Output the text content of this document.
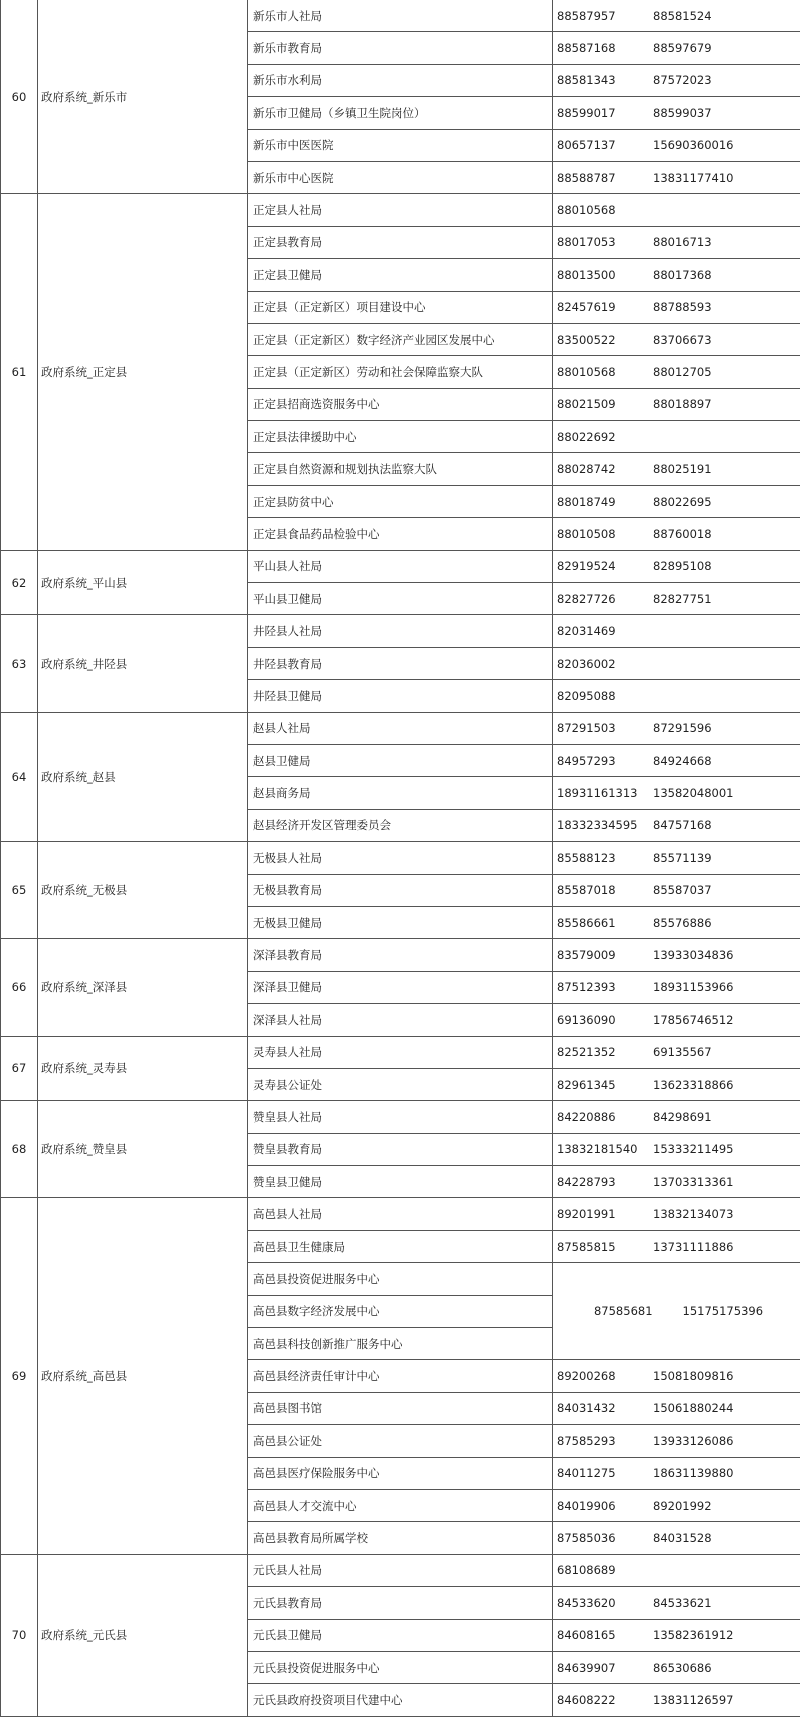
60	政府系统_新乐市	新乐市人社局	88587957 88581524
		新乐市教育局	88587168 88597679
		新乐市水利局	88581343 87572023
		新乐市卫健局（乡镇卫生院岗位）	88599017 88599037
		新乐市中医医院	80657137 15690360016
		新乐市中心医院	88588787 13831177410
61	政府系统_正定县	正定县人社局	88010568
		正定县教育局	88017053 88016713
		正定县卫健局	88013500 88017368
		正定县（正定新区）项目建设中心	82457619 88788593
		正定县（正定新区）数字经济产业园区发展中心	83500522 83706673
		正定县（正定新区）劳动和社会保障监察大队	88010568 88012705
		正定县招商选资服务中心	88021509 88018897
		正定县法律援助中心	88022692
		正定县自然资源和规划执法监察大队	88028742 88025191
		正定县防贫中心	88018749 88022695
		正定县食品药品检验中心	88010508 88760018
62	政府系统_平山县	平山县人社局	82919524 82895108
		平山县卫健局	82827726 82827751
63	政府系统_井陉县	井陉县人社局	82031469
		井陉县教育局	82036002
		井陉县卫健局	82095088
64	政府系统_赵县	赵县人社局	87291503 87291596
		赵县卫健局	84957293 84924668
		赵县商务局	18931161313 13582048001
		赵县经济开发区管理委员会	18332334595 84757168
65	政府系统_无极县	无极县人社局	85588123 85571139
		无极县教育局	85587018 85587037
		无极县卫健局	85586661 85576886
66	政府系统_深泽县	深泽县教育局	83579009 13933034836
		深泽县卫健局	87512393 18931153966
		深泽县人社局	69136090 17856746512
67	政府系统_灵寿县	灵寿县人社局	82521352 69135567
		灵寿县公证处	82961345 13623318866
68	政府系统_赞皇县	赞皇县人社局	84220886 84298691
		赞皇县教育局	13832181540 15333211495
		赞皇县卫健局	84228793 13703313361
69	政府系统_高邑县	高邑县人社局	89201991 13832134073
		高邑县卫生健康局	87585815 13731111886
		高邑县投资促进服务中心	87585681 15175175396
		高邑县数字经济发展中心	
		高邑县科技创新推广服务中心	
		高邑县经济责任审计中心	89200268 15081809816
		高邑县图书馆	84031432 15061880244
		高邑县公证处	87585293 13933126086
		高邑县医疗保险服务中心	84011275 18631139880
		高邑县人才交流中心	84019906 89201992
		高邑县教育局所属学校	87585036 84031528
70	政府系统_元氏县	元氏县人社局	68108689
		元氏县教育局	84533620 84533621
		元氏县卫健局	84608165 13582361912
		元氏县投资促进服务中心	84639907 86530686
		元氏县政府投资项目代建中心	84608222 13831126597
